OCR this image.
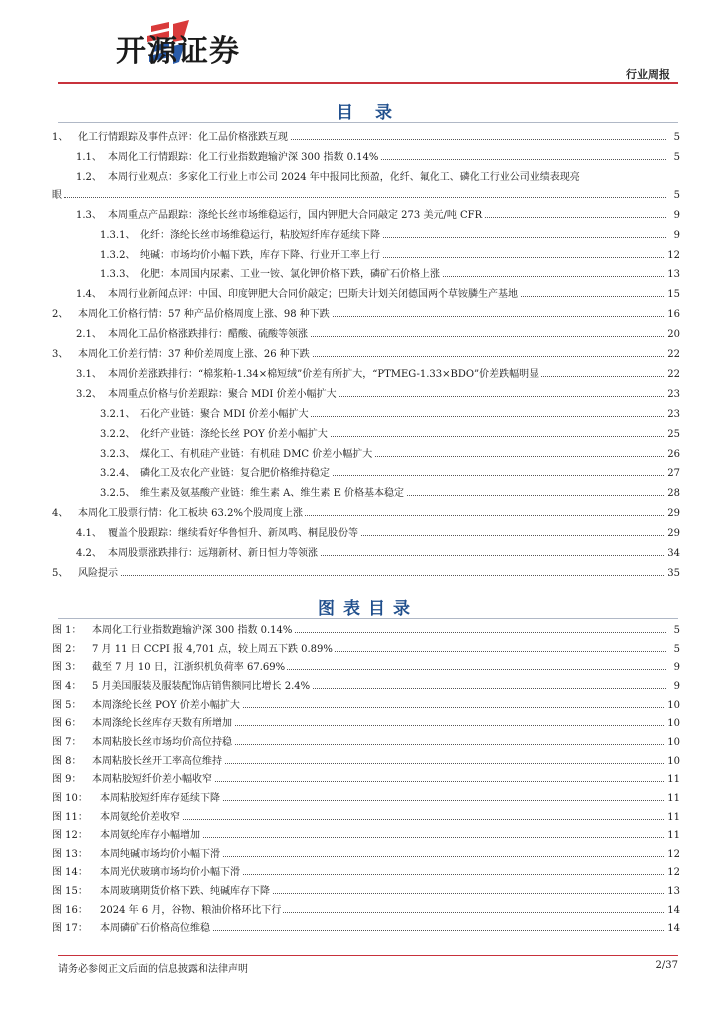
开源证券
行业周报
目 录
图表目录
1、 化工行情跟踪及事件点评：化工品价格涨跌互现	5
1.1、 本周化工行情跟踪：化工行业指数跑输沪深 300 指数 0.14%	5
1.2、 本周行业观点：多家化工行业上市公司 2024 年中报同比预盈，化纤、氟化工、磷化工行业公司业绩表现亮
眼	5
1.3、 本周重点产品跟踪：涤纶长丝市场维稳运行，国内钾肥大合同敲定 273 美元/吨 CFR	9
1.3.1、 化纤：涤纶长丝市场维稳运行，粘胶短纤库存延续下降	9
1.3.2、 纯碱：市场均价小幅下跌，库存下降、行业开工率上行	12
1.3.3、 化肥：本周国内尿素、工业一铵、氯化钾价格下跌，磷矿石价格上涨	13
1.4、 本周行业新闻点评：中国、印度钾肥大合同价敲定；巴斯夫计划关闭德国两个草铵膦生产基地	15
2、 本周化工价格行情：57 种产品价格周度上涨、98 种下跌	16
2.1、 本周化工品价格涨跌排行：醋酸、硫酸等领涨	20
3、 本周化工价差行情：37 种价差周度上涨、26 种下跌	22
3.1、 本周价差涨跌排行：“棉浆粕-1.34×棉短绒”价差有所扩大，“PTMEG-1.33×BDO”价差跌幅明显	22
3.2、 本周重点价格与价差跟踪：聚合 MDI 价差小幅扩大	23
3.2.1、 石化产业链：聚合 MDI 价差小幅扩大	23
3.2.2、 化纤产业链：涤纶长丝 POY 价差小幅扩大	25
3.2.3、 煤化工、有机硅产业链：有机硅 DMC 价差小幅扩大	26
3.2.4、 磷化工及农化产业链：复合肥价格维持稳定	27
3.2.5、 维生素及氨基酸产业链：维生素 A、维生素 E 价格基本稳定	28
4、 本周化工股票行情：化工板块 63.2%个股周度上涨	29
4.1、 覆盖个股跟踪：继续看好华鲁恒升、新凤鸣、桐昆股份等	29
4.2、 本周股票涨跌排行：远翔新材、新日恒力等领涨	34
5、 风险提示	35
图 1： 本周化工行业指数跑输沪深 300 指数 0.14%	5
图 2： 7 月 11 日 CCPI 报 4,701 点，较上周五下跌 0.89%	5
图 3： 截至 7 月 10 日，江浙织机负荷率 67.69%	9
图 4： 5 月美国服装及服装配饰店销售额同比增长 2.4%	9
图 5： 本周涤纶长丝 POY 价差小幅扩大	10
图 6： 本周涤纶长丝库存天数有所增加	10
图 7： 本周粘胶长丝市场均价高位持稳	10
图 8： 本周粘胶长丝开工率高位维持	10
图 9： 本周粘胶短纤价差小幅收窄	11
图 10： 本周粘胶短纤库存延续下降	11
图 11： 本周氨纶价差收窄	11
图 12： 本周氨纶库存小幅增加	11
图 13： 本周纯碱市场均价小幅下滑	12
图 14： 本周光伏玻璃市场均价小幅下滑	12
图 15： 本周玻璃期货价格下跌、纯碱库存下降	13
图 16： 2024 年 6 月，谷物、粮油价格环比下行	14
图 17： 本周磷矿石价格高位维稳	14
请务必参阅正文后面的信息披露和法律声明	2/37
